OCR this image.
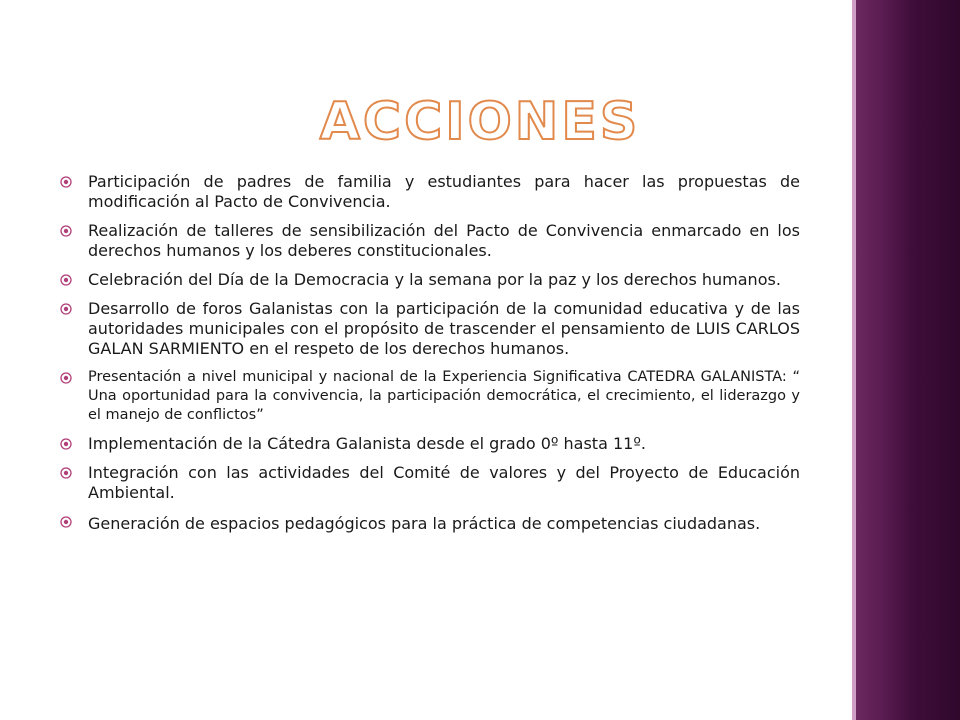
ACCIONES
Participación de padres de familia y estudiantes para hacer las propuestas de modificación al Pacto de Convivencia.
Realización de talleres de sensibilización del Pacto de Convivencia enmarcado en los derechos humanos y los deberes constitucionales.
Celebración del Día de la Democracia y la semana por la paz y los derechos humanos.
Desarrollo de foros Galanistas con la participación de la comunidad educativa y de las autoridades municipales con el propósito de trascender el pensamiento de LUIS CARLOS GALAN SARMIENTO en el respeto de los derechos humanos.
Presentación a nivel municipal y nacional de la Experiencia Significativa CATEDRA GALANISTA: “ Una oportunidad para la convivencia, la participación democrática, el crecimiento, el liderazgo y el manejo de conflictos”
Implementación de la Cátedra Galanista desde el grado 0º hasta 11º.
Integración con las actividades del Comité de valores y del Proyecto de Educación Ambiental.
Generación de espacios pedagógicos para la práctica de competencias ciudadanas.
